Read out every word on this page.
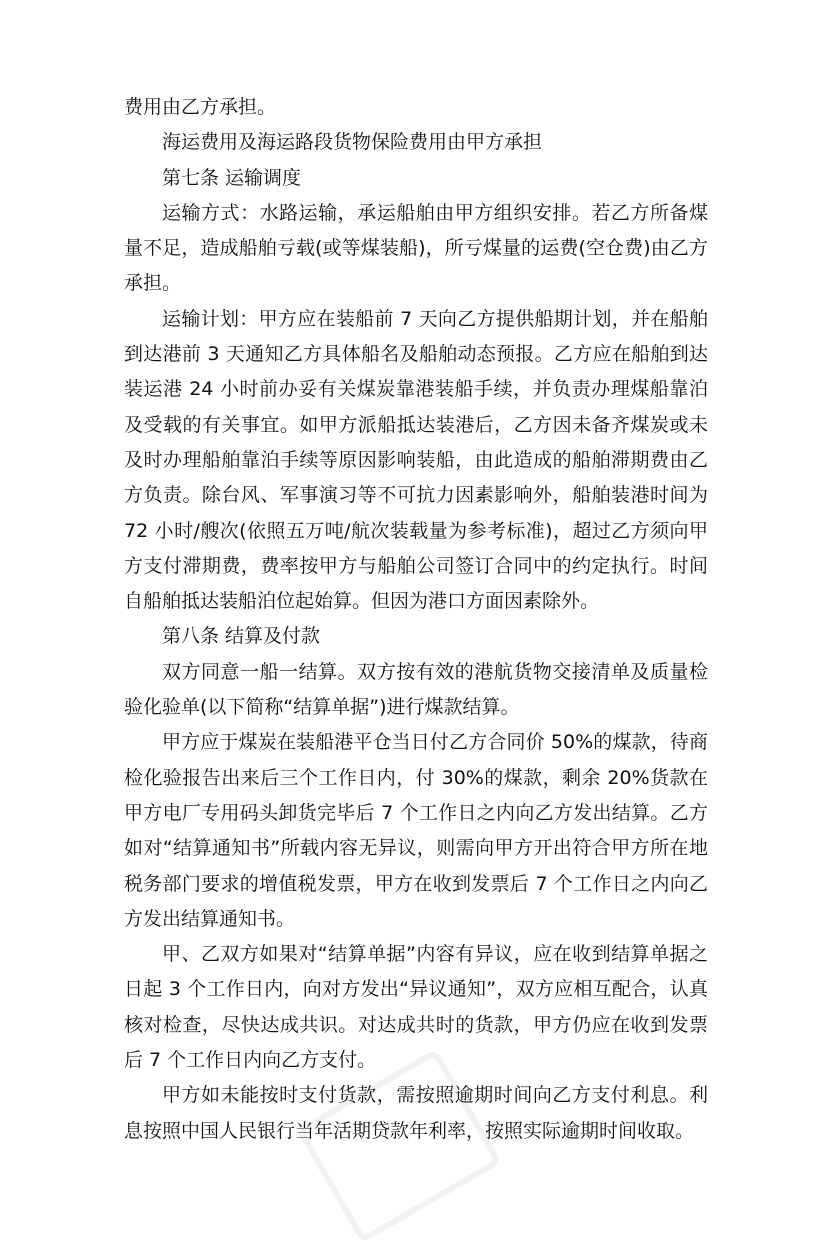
费用由乙方承担。

海运费用及海运路段货物保险费用由甲方承担

第七条 运输调度

运输方式：水路运输，承运船舶由甲方组织安排。若乙方所备煤量不足，造成船舶亏载(或等煤装船)，所亏煤量的运费(空仓费)由乙方承担。

运输计划：甲方应在装船前 7 天向乙方提供船期计划，并在船舶到达港前 3 天通知乙方具体船名及船舶动态预报。乙方应在船舶到达装运港 24 小时前办妥有关煤炭靠港装船手续，并负责办理煤船靠泊及受载的有关事宜。如甲方派船抵达装港后，乙方因未备齐煤炭或未及时办理船舶靠泊手续等原因影响装船，由此造成的船舶滞期费由乙方负责。除台风、军事演习等不可抗力因素影响外，船舶装港时间为 72 小时/艘次(依照五万吨/航次装载量为参考标准)，超过乙方须向甲方支付滞期费，费率按甲方与船舶公司签订合同中的约定执行。时间自船舶抵达装船泊位起始算。但因为港口方面因素除外。

第八条 结算及付款

双方同意一船一结算。双方按有效的港航货物交接清单及质量检验化验单(以下简称“结算单据”)进行煤款结算。

甲方应于煤炭在装船港平仓当日付乙方合同价 50%的煤款，待商检化验报告出来后三个工作日内，付 30%的煤款，剩余 20%货款在甲方电厂专用码头卸货完毕后 7 个工作日之内向乙方发出结算。乙方如对“结算通知书”所载内容无异议，则需向甲方开出符合甲方所在地税务部门要求的增值税发票，甲方在收到发票后 7 个工作日之内向乙方发出结算通知书。

甲、乙双方如果对“结算单据”内容有异议，应在收到结算单据之日起 3 个工作日内，向对方发出“异议通知”，双方应相互配合，认真核对检查，尽快达成共识。对达成共时的货款，甲方仍应在收到发票后 7 个工作日内向乙方支付。

甲方如未能按时支付货款，需按照逾期时间向乙方支付利息。利息按照中国人民银行当年活期贷款年利率，按照实际逾期时间收取。
